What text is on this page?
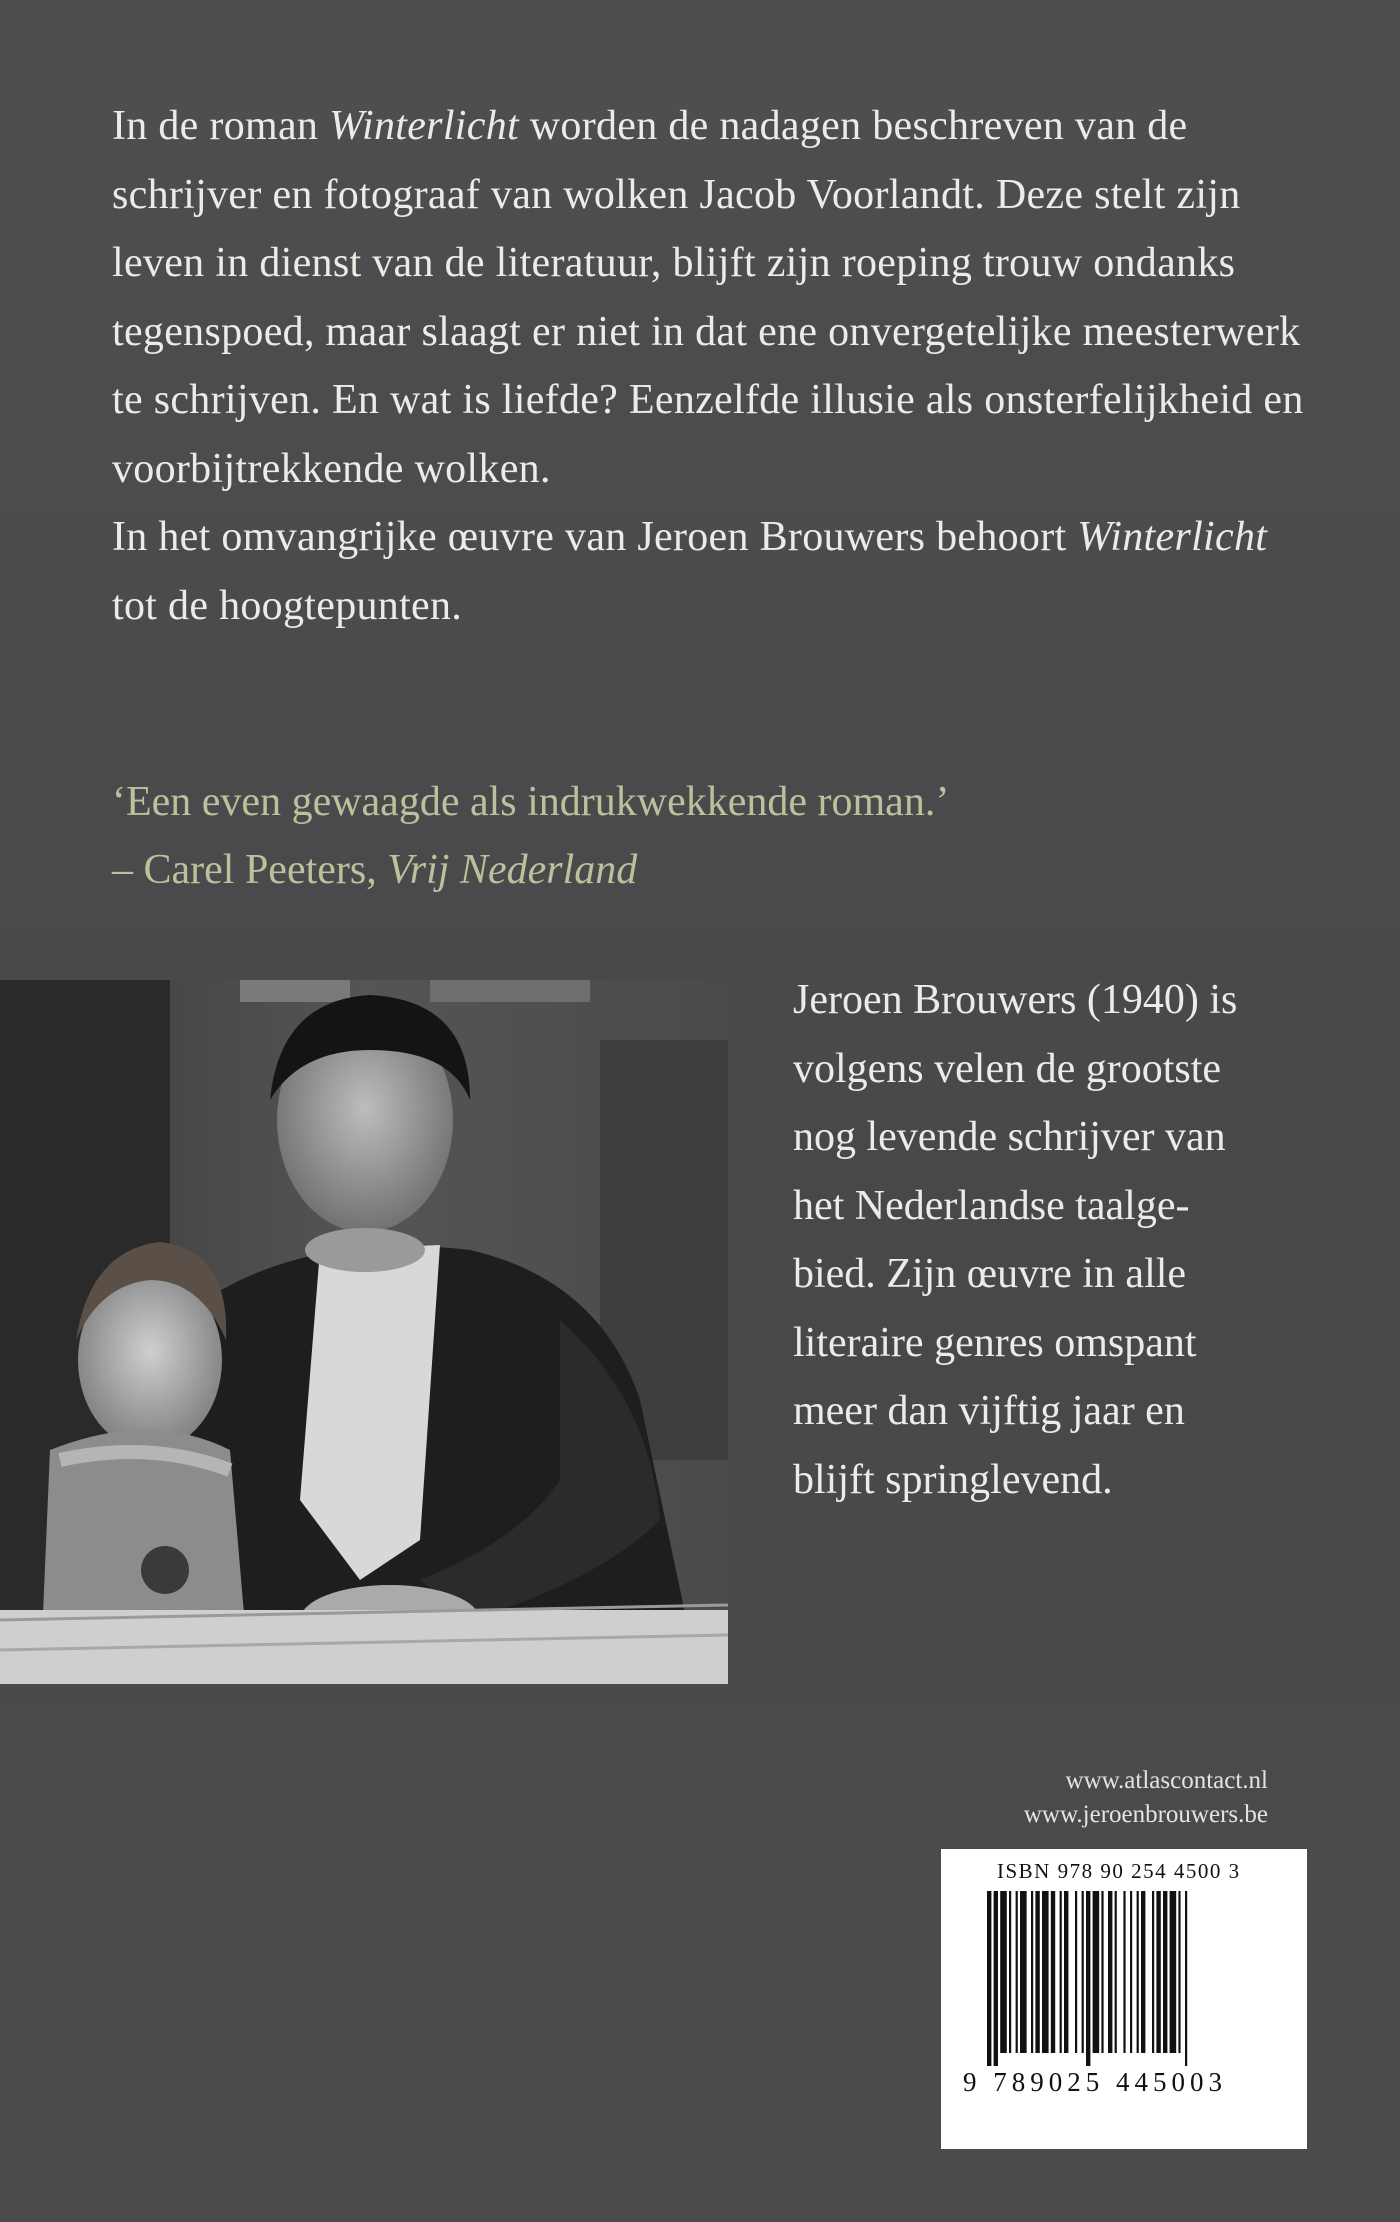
In de roman Winterlicht worden de nadagen beschreven van de schrijver en fotograaf van wolken Jacob Voorlandt. Deze stelt zijn leven in dienst van de literatuur, blijft zijn roeping trouw ondanks tegenspoed, maar slaagt er niet in dat ene onvergetelijke meesterwerk te schrijven. En wat is liefde? Eenzelfde illusie als onsterfelijkheid en voorbijtrekkende wolken.

In het omvangrijke œuvre van Jeroen Brouwers behoort Winterlicht tot de hoogtepunten.

‘Een even gewaagde als indrukwekkende roman.’

– Carel Peeters, Vrij Nederland

Jeroen Brouwers (1940) is

volgens velen de grootste

nog levende schrijver van

het Nederlandse taalge-

bied. Zijn œuvre in alle

literaire genres omspant

meer dan vijftig jaar en

blijft springlevend.

www.atlascontact.nl
www.jeroenbrouwers.be
ISBN 978 90 254 4500 3
9 789025 445003
